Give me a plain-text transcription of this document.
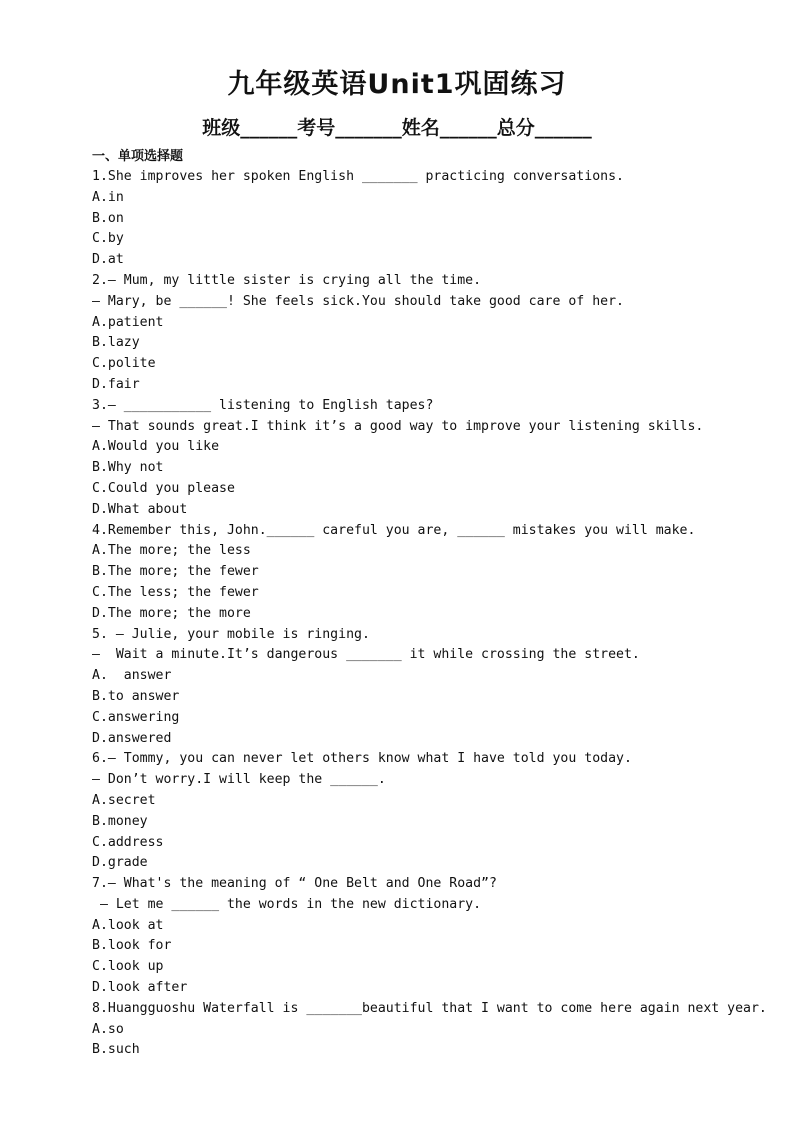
九年级英语Unit1巩固练习
班级______考号_______姓名______总分______
一、单项选择题
1.She improves her spoken English _______ practicing conversations.
A.in
B.on
C.by
D.at
2.— Mum, my little sister is crying all the time.
— Mary, be ______! She feels sick.You should take good care of her.
A.patient
B.lazy
C.polite
D.fair
3.— ___________ listening to English tapes?
— That sounds great.I think it’s a good way to improve your listening skills.
A.Would you like
B.Why not
C.Could you please
D.What about
4.Remember this, John.______ careful you are, ______ mistakes you will make.
A.The more; the less
B.The more; the fewer
C.The less; the fewer
D.The more; the more
5. — Julie, your mobile is ringing.
—  Wait a minute.It’s dangerous _______ it while crossing the street.
A.  answer
B.to answer
C.answering
D.answered
6.— Tommy, you can never let others know what I have told you today.
— Don’t worry.I will keep the ______.
A.secret
B.money
C.address
D.grade
7.— What's the meaning of “ One Belt and One Road”?
— Let me ______ the words in the new dictionary.
A.look at
B.look for
C.look up
D.look after
8.Huangguoshu Waterfall is _______beautiful that I want to come here again next year.
A.so
B.such
